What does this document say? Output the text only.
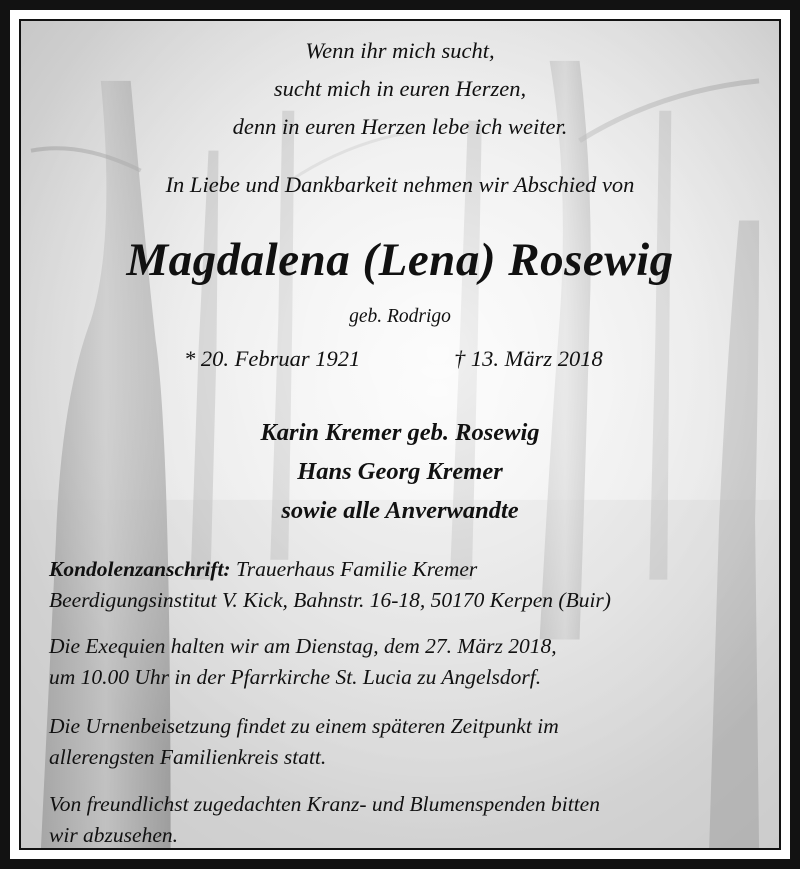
Wenn ihr mich sucht,
sucht mich in euren Herzen,
denn in euren Herzen lebe ich weiter.
In Liebe und Dankbarkeit nehmen wir Abschied von
Magdalena (Lena) Rosewig
geb. Rodrigo
* 20. Februar 1921	† 13. März 2018
Karin Kremer geb. Rosewig
Hans Georg Kremer
sowie alle Anverwandte
Kondolenzanschrift: Trauerhaus Familie Kremer
Beerdigungsinstitut V. Kick, Bahnstr. 16-18, 50170 Kerpen (Buir)
Die Exequien halten wir am Dienstag, dem 27. März 2018,
um 10.00 Uhr in der Pfarrkirche St. Lucia zu Angelsdorf.
Die Urnenbeisetzung findet zu einem späteren Zeitpunkt im
allerengsten Familienkreis statt.
Von freundlichst zugedachten Kranz- und Blumenspenden bitten
wir abzusehen.
